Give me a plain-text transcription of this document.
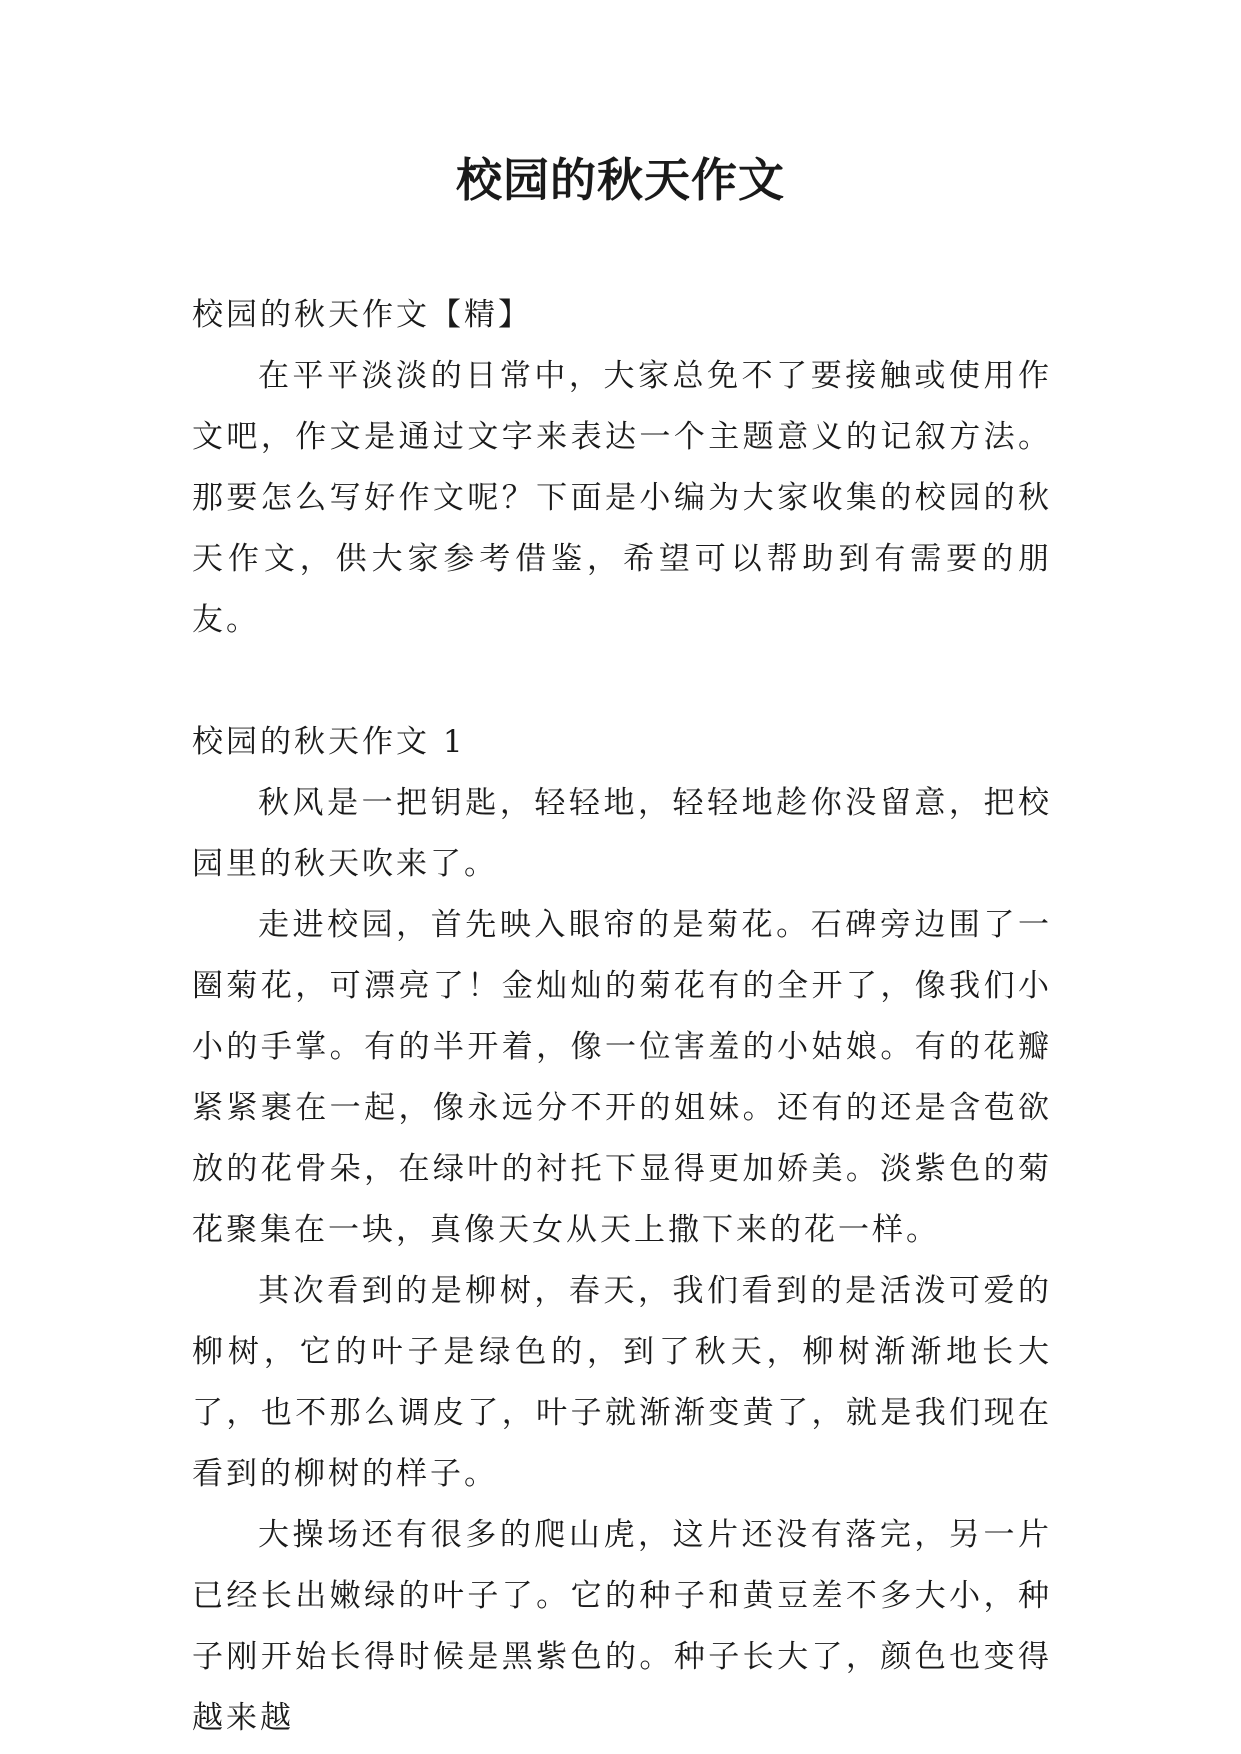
校园的秋天作文

校园的秋天作文【精】

在平平淡淡的日常中，大家总免不了要接触或使用作文吧，作文是通过文字来表达一个主题意义的记叙方法。那要怎么写好作文呢？下面是小编为大家收集的校园的秋天作文，供大家参考借鉴，希望可以帮助到有需要的朋友。

校园的秋天作文 1

秋风是一把钥匙，轻轻地，轻轻地趁你没留意，把校园里的秋天吹来了。

走进校园，首先映入眼帘的是菊花。石碑旁边围了一圈菊花，可漂亮了！金灿灿的菊花有的全开了，像我们小小的手掌。有的半开着，像一位害羞的小姑娘。有的花瓣紧紧裹在一起，像永远分不开的姐妹。还有的还是含苞欲放的花骨朵，在绿叶的衬托下显得更加娇美。淡紫色的菊花聚集在一块，真像天女从天上撒下来的花一样。

其次看到的是柳树，春天，我们看到的是活泼可爱的柳树，它的叶子是绿色的，到了秋天，柳树渐渐地长大了，也不那么调皮了，叶子就渐渐变黄了，就是我们现在看到的柳树的样子。

大操场还有很多的爬山虎，这片还没有落完，另一片已经长出嫩绿的叶子了。它的种子和黄豆差不多大小，种子刚开始长得时候是黑紫色的。种子长大了，颜色也变得越来越
